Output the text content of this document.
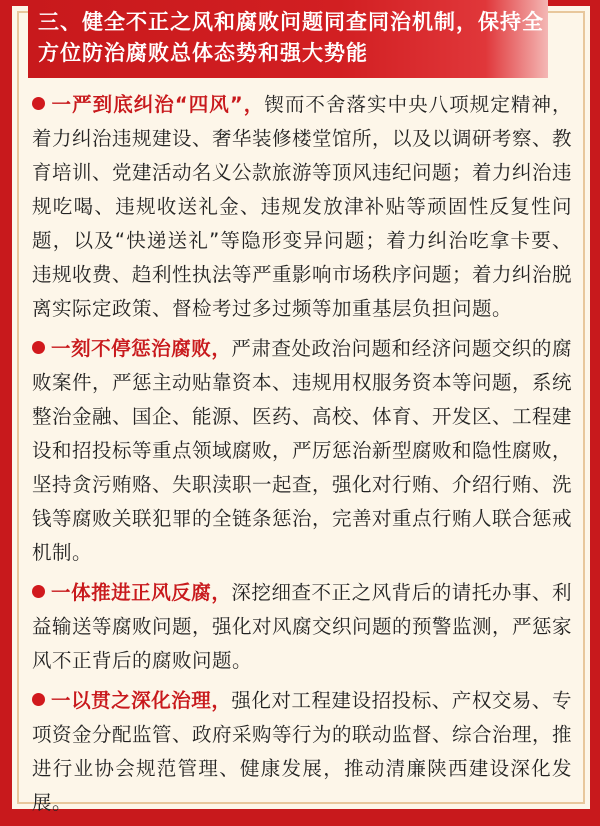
三、健全不正之风和腐败问题同查同治机制，保持全方位防治腐败总体态势和强大势能

一严到底纠治“四风”，锲而不舍落实中央八项规定精神，着力纠治违规建设、奢华装修楼堂馆所，以及以调研考察、教育培训、党建活动名义公款旅游等顶风违纪问题；着力纠治违规吃喝、违规收送礼金、违规发放津补贴等顽固性反复性问题，以及“快递送礼”等隐形变异问题；着力纠治吃拿卡要、违规收费、趋利性执法等严重影响市场秩序问题；着力纠治脱离实际定政策、督检考过多过频等加重基层负担问题。

一刻不停惩治腐败，严肃查处政治问题和经济问题交织的腐败案件，严惩主动贴靠资本、违规用权服务资本等问题，系统整治金融、国企、能源、医药、高校、体育、开发区、工程建设和招投标等重点领域腐败，严厉惩治新型腐败和隐性腐败，坚持贪污贿赂、失职渎职一起查，强化对行贿、介绍行贿、洗钱等腐败关联犯罪的全链条惩治，完善对重点行贿人联合惩戒机制。

一体推进正风反腐，深挖细查不正之风背后的请托办事、利益输送等腐败问题，强化对风腐交织问题的预警监测，严惩家风不正背后的腐败问题。

一以贯之深化治理，强化对工程建设招投标、产权交易、专项资金分配监管、政府采购等行为的联动监督、综合治理，推进行业协会规范管理、健康发展，推动清廉陕西建设深化发展。
